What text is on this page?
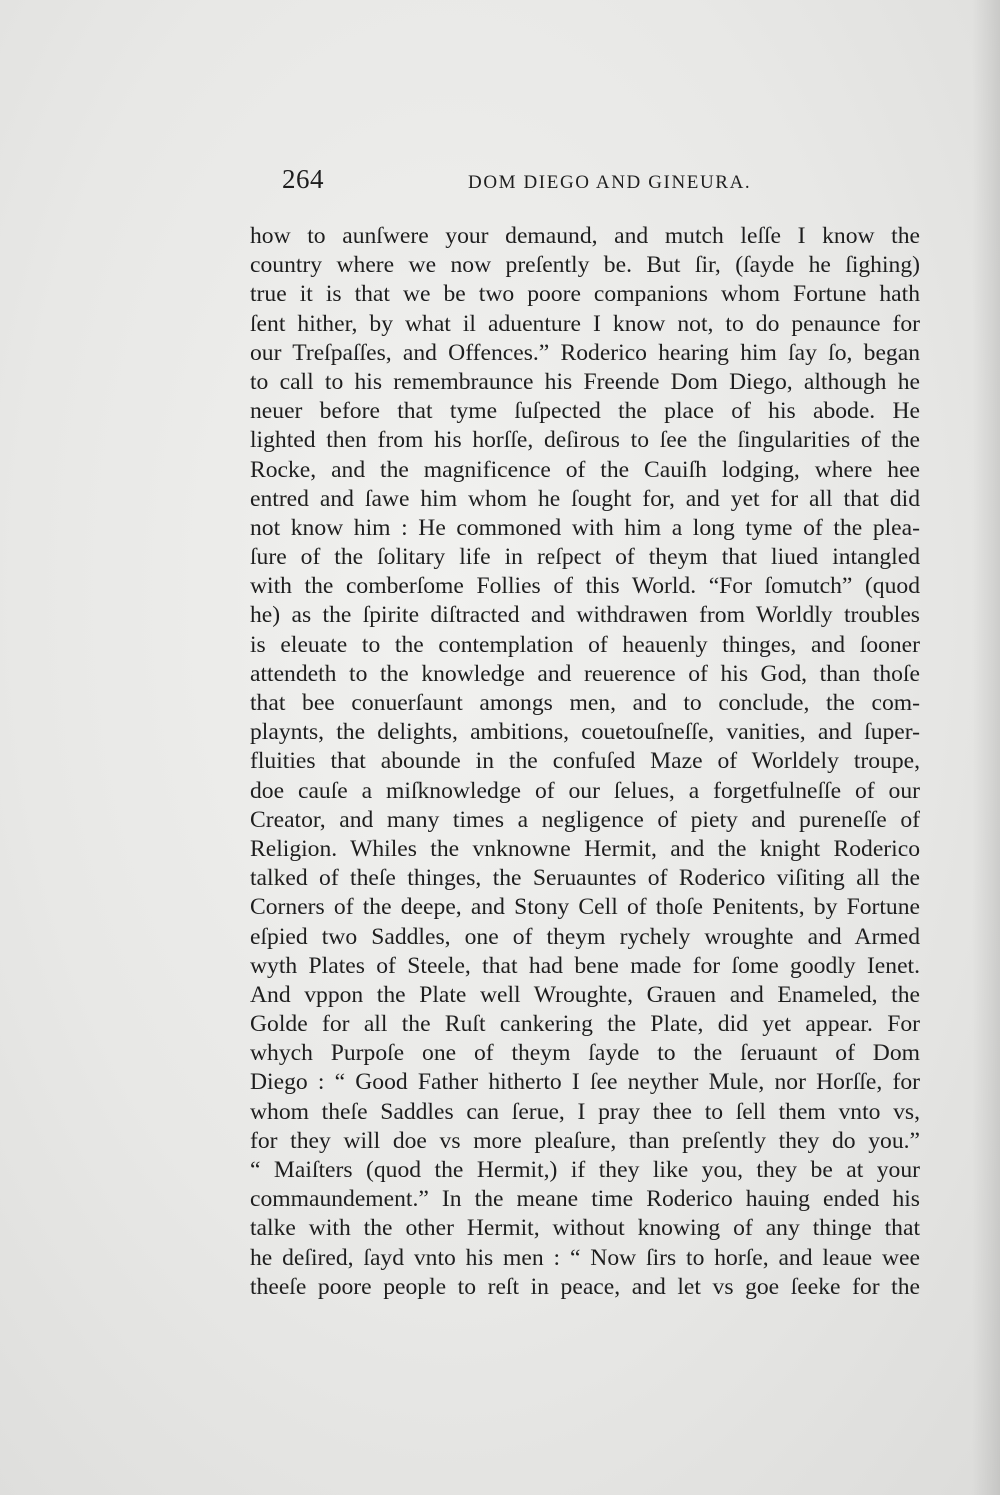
264	DOM DIEGO AND GINEURA.
how to aunſwere your demaund, and mutch leſſe I know the
country where we now preſently be. But ſir, (ſayde he ſighing)
true it is that we be two poore companions whom Fortune hath
ſent hither, by what il aduenture I know not, to do penaunce for
our Treſpaſſes, and Offences.” Roderico hearing him ſay ſo, began
to call to his remembraunce his Freende Dom Diego, although he
neuer before that tyme ſuſpected the place of his abode. He
lighted then from his horſſe, deſirous to ſee the ſingularities of the
Rocke, and the magnificence of the Cauiſh lodging, where hee
entred and ſawe him whom he ſought for, and yet for all that did
not know him : He commoned with him a long tyme of the plea-
ſure of the ſolitary life in reſpect of theym that liued intangled
with the comberſome Follies of this World. “For ſomutch” (quod
he) as the ſpirite diſtracted and withdrawen from Worldly troubles
is eleuate to the contemplation of heauenly thinges, and ſooner
attendeth to the knowledge and reuerence of his God, than thoſe
that bee conuerſaunt amongs men, and to conclude, the com-
playnts, the delights, ambitions, couetouſneſſe, vanities, and ſuper-
fluities that abounde in the confuſed Maze of Worldely troupe,
doe cauſe a miſknowledge of our ſelues, a forgetfulneſſe of our
Creator, and many times a negligence of piety and pureneſſe of
Religion. Whiles the vnknowne Hermit, and the knight Roderico
talked of theſe thinges, the Seruauntes of Roderico viſiting all the
Corners of the deepe, and Stony Cell of thoſe Penitents, by Fortune
eſpied two Saddles, one of theym rychely wroughte and Armed
wyth Plates of Steele, that had bene made for ſome goodly Ienet.
And vppon the Plate well Wroughte, Grauen and Enameled, the
Golde for all the Ruſt cankering the Plate, did yet appear. For
whych Purpoſe one of theym ſayde to the ſeruaunt of Dom
Diego : “ Good Father hitherto I ſee neyther Mule, nor Horſſe, for
whom theſe Saddles can ſerue, I pray thee to ſell them vnto vs,
for they will doe vs more pleaſure, than preſently they do you.”
“ Maiſters (quod the Hermit,) if they like you, they be at your
commaundement.” In the meane time Roderico hauing ended his
talke with the other Hermit, without knowing of any thinge that
he deſired, ſayd vnto his men : “ Now ſirs to horſe, and leaue wee
theeſe poore people to reſt in peace, and let vs goe ſeeke for the
